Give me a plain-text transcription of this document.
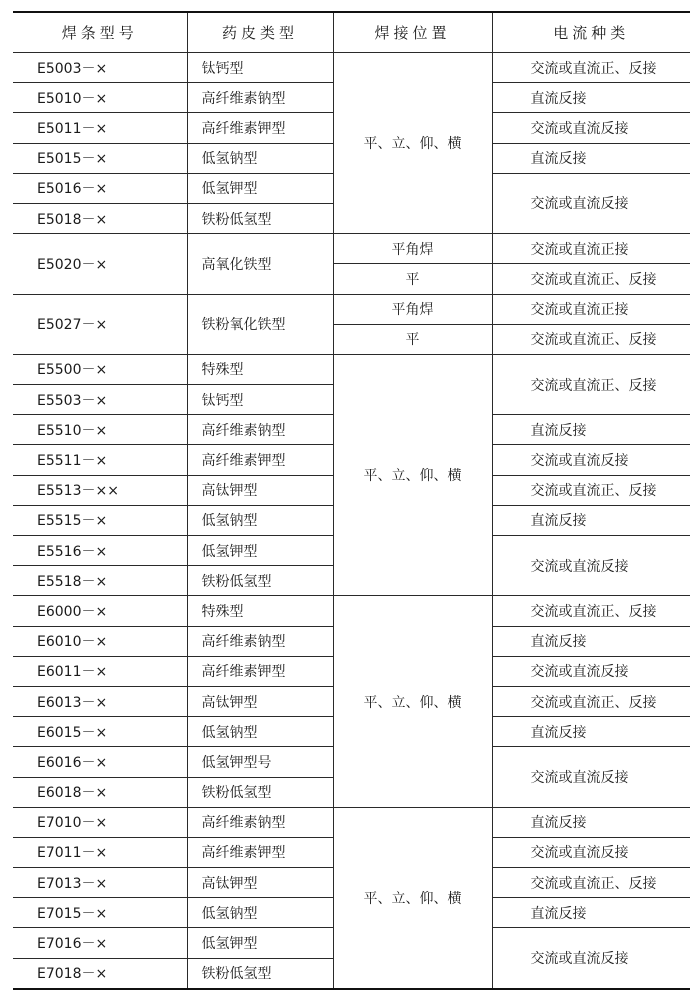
焊条型号	药皮类型	焊接位置	电流种类
E5003－×	钛钙型	平、立、仰、横	交流或直流正、反接
E5010－×	高纤维素钠型		直流反接
E5011－×	高纤维素钾型		交流或直流反接
E5015－×	低氢钠型		直流反接
E5016－×	低氢钾型		交流或直流反接
E5018－×	铁粉低氢型		
E5020－×	高氧化铁型	平角焊	交流或直流正接
		平	交流或直流正、反接
E5027－×	铁粉氧化铁型	平角焊	交流或直流正接
		平	交流或直流正、反接
E5500－×	特殊型	平、立、仰、横	交流或直流正、反接
E5503－×	钛钙型		
E5510－×	高纤维素钠型		直流反接
E5511－×	高纤维素钾型		交流或直流反接
E5513－××	高钛钾型		交流或直流正、反接
E5515－×	低氢钠型		直流反接
E5516－×	低氢钾型		交流或直流反接
E5518－×	铁粉低氢型		
E6000－×	特殊型	平、立、仰、横	交流或直流正、反接
E6010－×	高纤维素钠型		直流反接
E6011－×	高纤维素钾型		交流或直流反接
E6013－×	高钛钾型		交流或直流正、反接
E6015－×	低氢钠型		直流反接
E6016－×	低氢钾型号		交流或直流反接
E6018－×	铁粉低氢型		
E7010－×	高纤维素钠型	平、立、仰、横	直流反接
E7011－×	高纤维素钾型		交流或直流反接
E7013－×	高钛钾型		交流或直流正、反接
E7015－×	低氢钠型		直流反接
E7016－×	低氢钾型		交流或直流反接
E7018－×	铁粉低氢型		
